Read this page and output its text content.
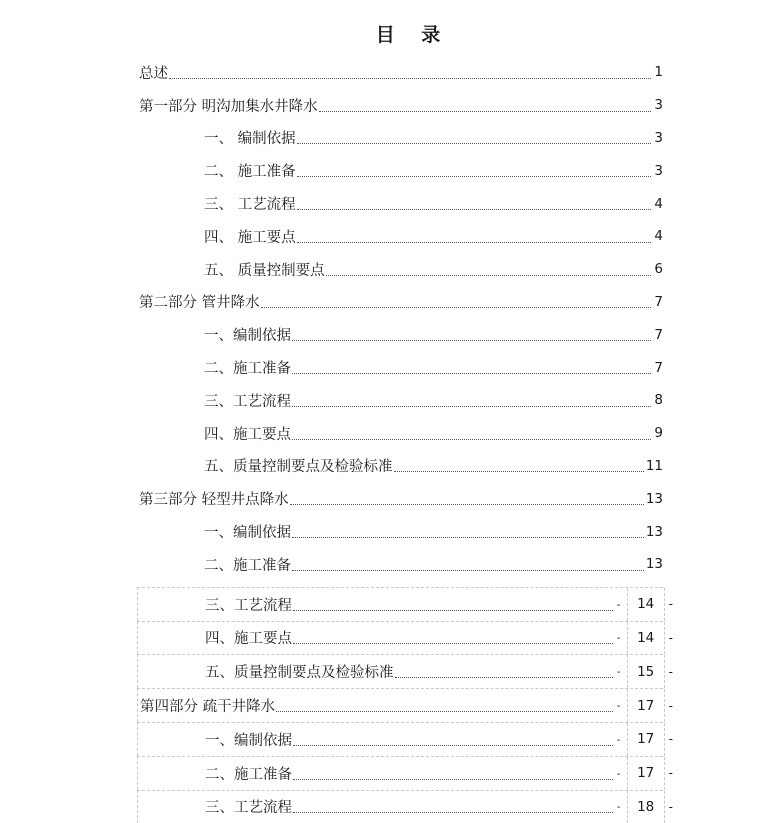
目 录
总述	1
第一部分 明沟加集水井降水	3
一、 编制依据	3
二、 施工准备	3
三、 工艺流程	4
四、 施工要点	4
五、 质量控制要点	6
第二部分 管井降水	7
一、编制依据	7
二、施工准备	7
三、工艺流程	8
四、施工要点	9
五、质量控制要点及检验标准	11
第三部分 轻型井点降水	13
一、编制依据	13
二、施工准备	13
三、工艺流程	-	14	-
四、施工要点	-	14	-
五、质量控制要点及检验标准	-	15	-
第四部分 疏干井降水	-	17	-
一、编制依据	-	17	-
二、施工准备	-	17	-
三、工艺流程	-	18	-
